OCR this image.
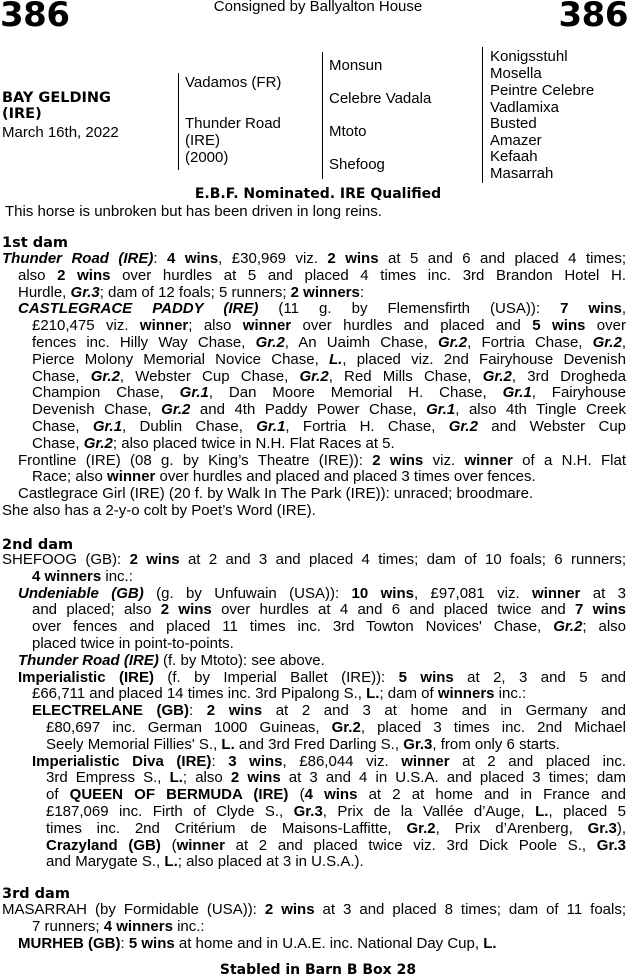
386	Consigned by Ballyalton House	386
BAY GELDING
(IRE)
March 16th, 2022
Vadamos (FR)
Thunder Road
(IRE)
(2000)
Monsun
Celebre Vadala
Mtoto
Shefoog
Konigsstuhl
Mosella
Peintre Celebre
Vadlamixa
Busted
Amazer
Kefaah
Masarrah
E.B.F. Nominated. IRE Qualified
This horse is unbroken but has been driven in long reins.
1st dam
Thunder Road (IRE): 4 wins, £30,969 viz. 2 wins at 5 and 6 and placed 4 times;
also 2 wins over hurdles at 5 and placed 4 times inc. 3rd Brandon Hotel H.
Hurdle, Gr.3; dam of 12 foals; 5 runners; 2 winners:
CASTLEGRACE PADDY (IRE) (11 g. by Flemensfirth (USA)): 7 wins,
£210,475 viz. winner; also winner over hurdles and placed and 5 wins over
fences inc. Hilly Way Chase, Gr.2, An Uaimh Chase, Gr.2, Fortria Chase, Gr.2,
Pierce Molony Memorial Novice Chase, L., placed viz. 2nd Fairyhouse Devenish
Chase, Gr.2, Webster Cup Chase, Gr.2, Red Mills Chase, Gr.2, 3rd Drogheda
Champion Chase, Gr.1, Dan Moore Memorial H. Chase, Gr.1, Fairyhouse
Devenish Chase, Gr.2 and 4th Paddy Power Chase, Gr.1, also 4th Tingle Creek
Chase, Gr.1, Dublin Chase, Gr.1, Fortria H. Chase, Gr.2 and Webster Cup
Chase, Gr.2; also placed twice in N.H. Flat Races at 5.
Frontline (IRE) (08 g. by King’s Theatre (IRE)): 2 wins viz. winner of a N.H. Flat
Race; also winner over hurdles and placed and placed 3 times over fences.
Castlegrace Girl (IRE) (20 f. by Walk In The Park (IRE)): unraced; broodmare.
She also has a 2-y-o colt by Poet’s Word (IRE).
2nd dam
SHEFOOG (GB): 2 wins at 2 and 3 and placed 4 times; dam of 10 foals; 6 runners;
4 winners inc.:
Undeniable (GB) (g. by Unfuwain (USA)): 10 wins, £97,081 viz. winner at 3
and placed; also 2 wins over hurdles at 4 and 6 and placed twice and 7 wins
over fences and placed 11 times inc. 3rd Towton Novices' Chase, Gr.2; also
placed twice in point-to-points.
Thunder Road (IRE) (f. by Mtoto): see above.
Imperialistic (IRE) (f. by Imperial Ballet (IRE)): 5 wins at 2, 3 and 5 and
£66,711 and placed 14 times inc. 3rd Pipalong S., L.; dam of winners inc.:
ELECTRELANE (GB): 2 wins at 2 and 3 at home and in Germany and
£80,697 inc. German 1000 Guineas, Gr.2, placed 3 times inc. 2nd Michael
Seely Memorial Fillies' S., L. and 3rd Fred Darling S., Gr.3, from only 6 starts.
Imperialistic Diva (IRE): 3 wins, £86,044 viz. winner at 2 and placed inc.
3rd Empress S., L.; also 2 wins at 3 and 4 in U.S.A. and placed 3 times; dam
of QUEEN OF BERMUDA (IRE) (4 wins at 2 at home and in France and
£187,069 inc. Firth of Clyde S., Gr.3, Prix de la Vallée d’Auge, L., placed 5
times inc. 2nd Critérium de Maisons-Laffitte, Gr.2, Prix d’Arenberg, Gr.3),
Crazyland (GB) (winner at 2 and placed twice viz. 3rd Dick Poole S., Gr.3
and Marygate S., L.; also placed at 3 in U.S.A.).
3rd dam
MASARRAH (by Formidable (USA)): 2 wins at 3 and placed 8 times; dam of 11 foals;
7 runners; 4 winners inc.:
MURHEB (GB): 5 wins at home and in U.A.E. inc. National Day Cup, L.
Stabled in Barn B Box 28
